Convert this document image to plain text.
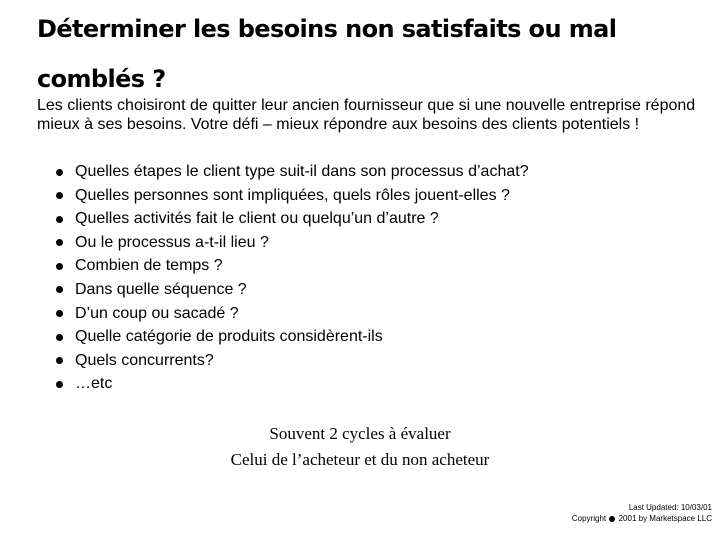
Déterminer les besoins non satisfaits ou mal comblés ?

Les clients choisiront de quitter leur ancien fournisseur que si une nouvelle entreprise répond mieux à ses besoins. Votre défi – mieux répondre aux besoins des clients potentiels !

Quelles étapes le client type suit-il dans son processus d’achat?
Quelles personnes sont impliquées, quels rôles jouent-elles ?
Quelles activités fait le client ou quelqu’un d’autre ?
Ou le processus a-t-il lieu ?
Combien de temps ?
Dans quelle séquence ?
D’un coup ou sacadé ?
Quelle catégorie de produits considèrent-ils
Quels concurrents?
…etc

Souvent 2 cycles à évaluer

Celui de l’acheteur et du non acheteur

Last Updated: 10/03/01
Copyright 2001 by Marketspace LLC
